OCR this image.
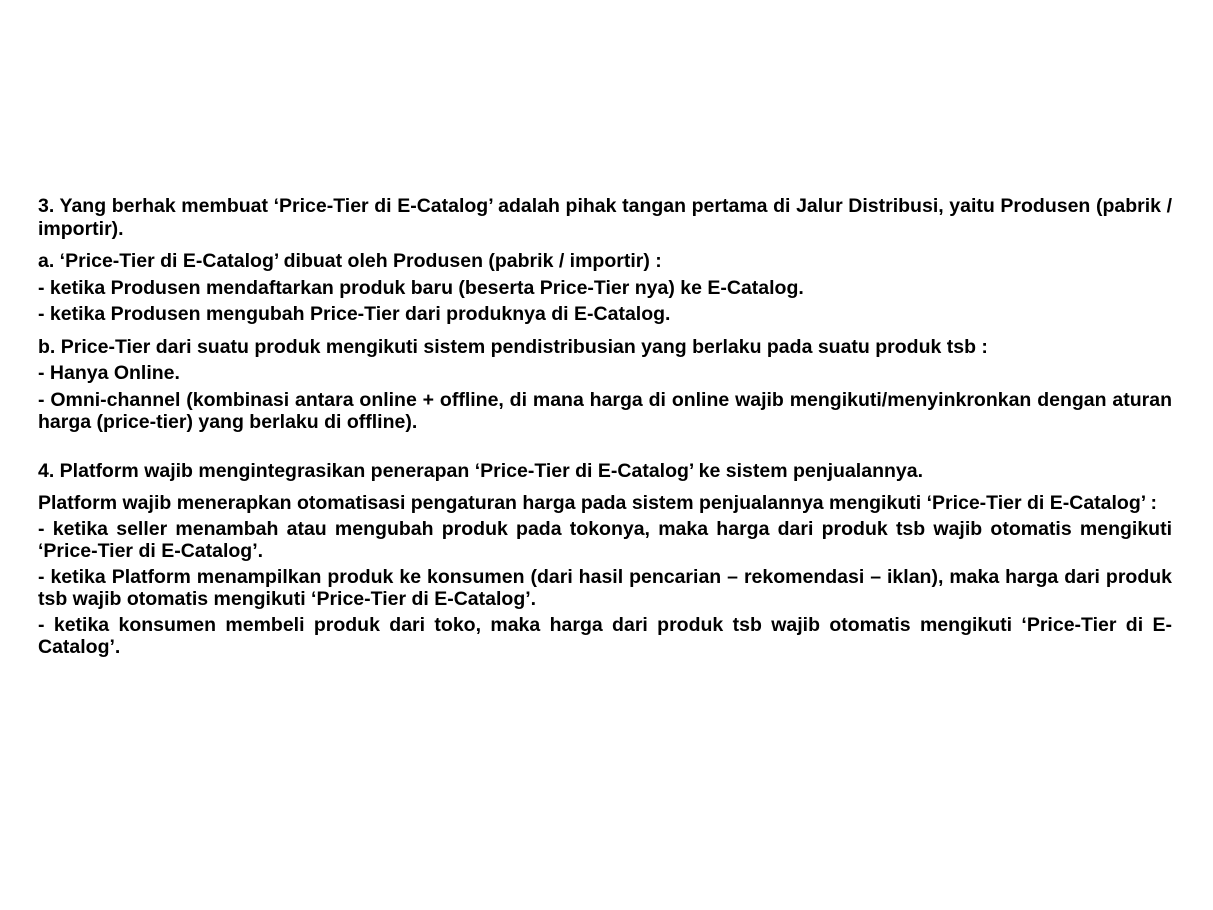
3. Yang berhak membuat ‘Price-Tier di E-Catalog’ adalah pihak tangan pertama di Jalur Distribusi, yaitu Produsen (pabrik / importir).

a. ‘Price-Tier di E-Catalog’ dibuat oleh Produsen (pabrik / importir) :

- ketika Produsen mendaftarkan produk baru (beserta Price-Tier nya) ke E-Catalog.

- ketika Produsen mengubah Price-Tier dari produknya di E-Catalog.

b. Price-Tier dari suatu produk mengikuti sistem pendistribusian yang berlaku pada suatu produk tsb :

- Hanya Online.

- Omni-channel (kombinasi antara online + offline, di mana harga di online wajib mengikuti/menyinkronkan dengan aturan harga (price-tier) yang berlaku di offline).

4. Platform wajib mengintegrasikan penerapan ‘Price-Tier di E-Catalog’ ke sistem penjualannya.

Platform wajib menerapkan otomatisasi pengaturan harga pada sistem penjualannya mengikuti ‘Price-Tier di E-Catalog’ :

- ketika seller menambah atau mengubah produk pada tokonya, maka harga dari produk tsb wajib otomatis mengikuti ‘Price-Tier di E-Catalog’.

- ketika Platform menampilkan produk ke konsumen (dari hasil pencarian – rekomendasi – iklan), maka harga dari produk tsb wajib otomatis mengikuti ‘Price-Tier di E-Catalog’.

- ketika konsumen membeli produk dari toko, maka harga dari produk tsb wajib otomatis mengikuti ‘Price-Tier di E-Catalog’.
